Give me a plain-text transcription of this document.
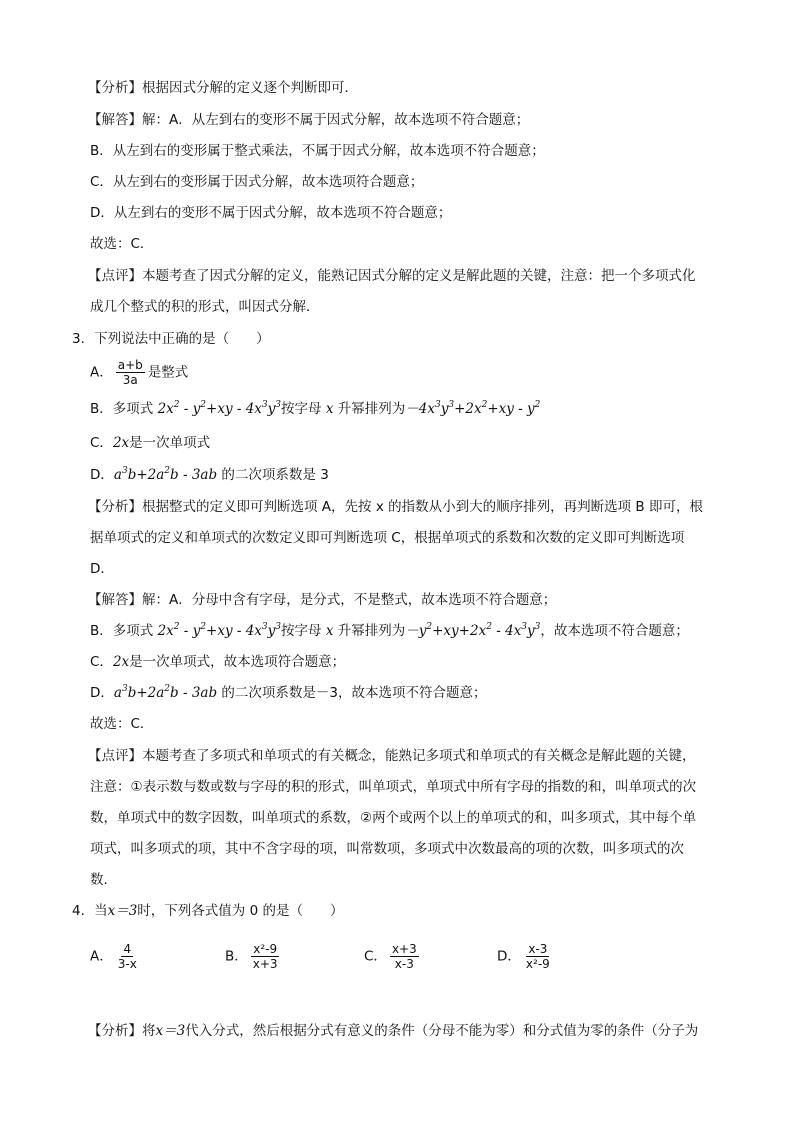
【分析】根据因式分解的定义逐个判断即可．
【解答】解：A．从左到右的变形不属于因式分解，故本选项不符合题意；
B．从左到右的变形属于整式乘法，不属于因式分解，故本选项不符合题意；
C．从左到右的变形属于因式分解，故本选项符合题意；
D．从左到右的变形不属于因式分解，故本选项不符合题意；
故选：C．
【点评】本题考查了因式分解的定义，能熟记因式分解的定义是解此题的关键，注意：把一个多项式化
成几个整式的积的形式，叫因式分解．
3．下列说法中正确的是（　　）
A． $\frac{a+b}{3a}$ 是整式
B．多项式 $2x^2 - y^2+xy - 4x^3y^3$按字母 x 升幂排列为$-4x^3y^3+2x^2+xy - y^2$
C．2x是一次单项式
D．$a^3b+2a^2b - 3ab$ 的二次项系数是 3
【分析】根据整式的定义即可判断选项 A，先按 x 的指数从小到大的顺序排列，再判断选项 B 即可，根
据单项式的定义和单项式的次数定义即可判断选项 C，根据单项式的系数和次数的定义即可判断选项
D．
【解答】解：A．分母中含有字母，是分式，不是整式，故本选项不符合题意；
B．多项式 $2x^2 - y^2+xy - 4x^3y^3$按字母 x 升幂排列为$-y^2+xy+2x^2 - 4x^3y^3$，故本选项不符合题意；
C．2x是一次单项式，故本选项符合题意；
D．$a^3b+2a^2b - 3ab$ 的二次项系数是－3，故本选项不符合题意；
故选：C．
【点评】本题考查了多项式和单项式的有关概念，能熟记多项式和单项式的有关概念是解此题的关键，
注意：①表示数与数或数与字母的积的形式，叫单项式，单项式中所有字母的指数的和，叫单项式的次
数，单项式中的数字因数，叫单项式的系数，②两个或两个以上的单项式的和，叫多项式，其中每个单
项式，叫多项式的项，其中不含字母的项，叫常数项，多项式中次数最高的项的次数，叫多项式的次
数．
4．当x＝3时，下列各式值为 0 的是（　　）
A． $\frac{4}{3-x}$	B． $\frac{\text{x²-9}}{x+3}$	C． $\frac{x+3}{x-3}$	D． $\frac{x-3}{\text{x²-9}}$
【分析】将x＝3代入分式，然后根据分式有意义的条件（分母不能为零）和分式值为零的条件（分子为
